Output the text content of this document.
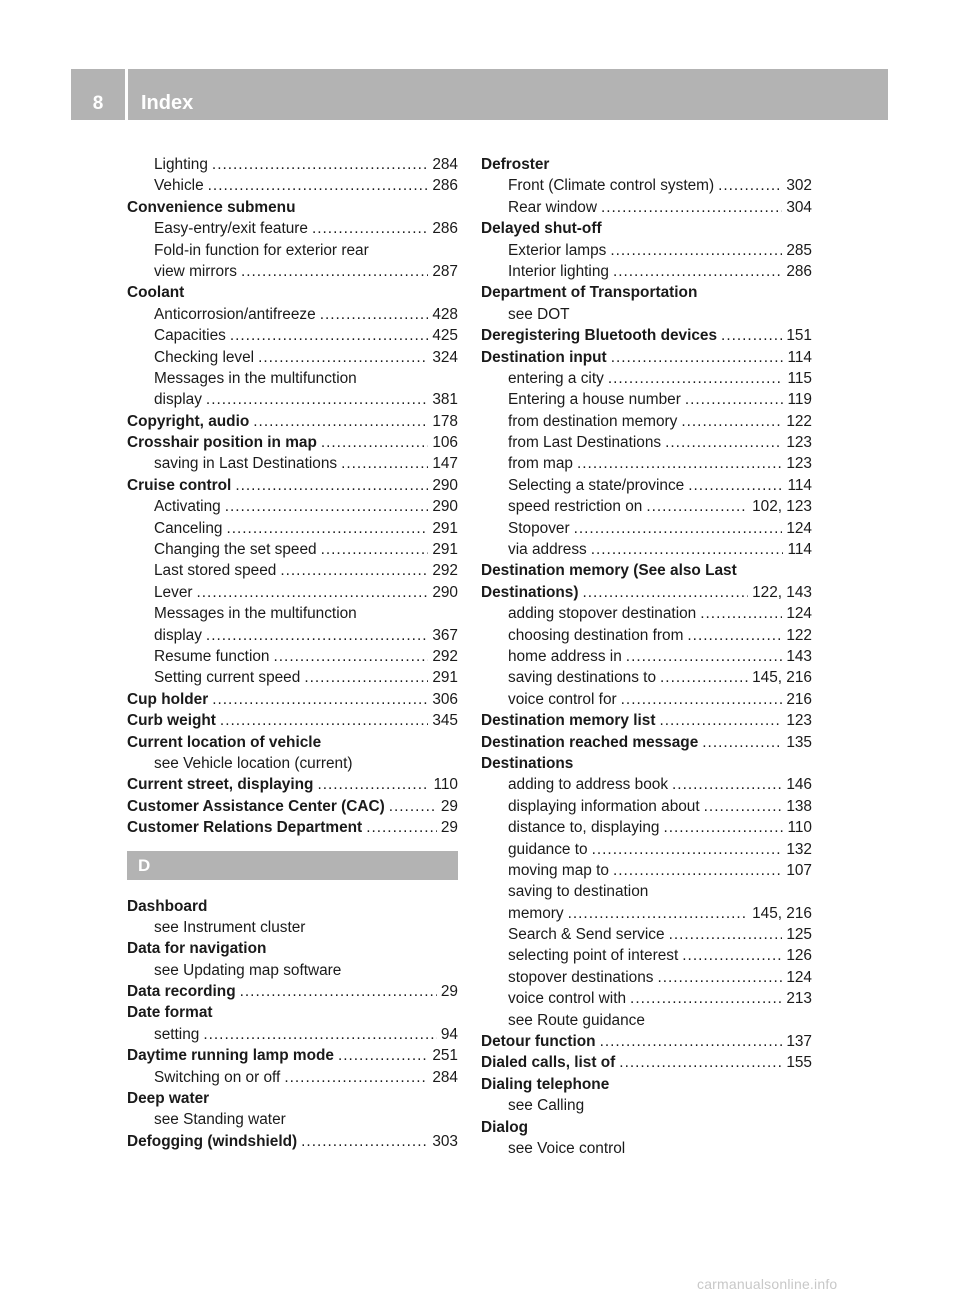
8	Index
Lighting .....	284
Vehicle .....	286
Convenience submenu
Easy-entry/exit feature .....	286
Fold-in function for exterior rear
view mirrors .....	287
Coolant
Anticorrosion/antifreeze .....	428
Capacities .....	425
Checking level .....	324
Messages in the multifunction
display .....	381
Copyright, audio .....	178
Crosshair position in map .....	106
saving in Last Destinations .....	147
Cruise control .....	290
Activating .....	290
Canceling .....	291
Changing the set speed .....	291
Last stored speed .....	292
Lever .....	290
Messages in the multifunction
display .....	367
Resume function .....	292
Setting current speed .....	291
Cup holder .....	306
Curb weight .....	345
Current location of vehicle
see Vehicle location (current)
Current street, displaying .....	110
Customer Assistance Center (CAC) .....	29
Customer Relations Department .....	29
D
Dashboard
see Instrument cluster
Data for navigation
see Updating map software
Data recording .....	29
Date format
setting .....	94
Daytime running lamp mode .....	251
Switching on or off .....	284
Deep water
see Standing water
Defogging (windshield) .....	303
Defroster
Front (Climate control system) .....	302
Rear window .....	304
Delayed shut-off
Exterior lamps .....	285
Interior lighting .....	286
Department of Transportation
see DOT
Deregistering Bluetooth devices .....	151
Destination input .....	114
entering a city .....	115
Entering a house number .....	119
from destination memory .....	122
from Last Destinations .....	123
from map .....	123
Selecting a state/province .....	114
speed restriction on .....	102, 123
Stopover .....	124
via address .....	114
Destination memory (See also Last
Destinations) .....	122, 143
adding stopover destination .....	124
choosing destination from .....	122
home address in .....	143
saving destinations to .....	145, 216
voice control for .....	216
Destination memory list .....	123
Destination reached message .....	135
Destinations
adding to address book .....	146
displaying information about .....	138
distance to, displaying .....	110
guidance to .....	132
moving map to .....	107
saving to destination
memory .....	145, 216
Search & Send service .....	125
selecting point of interest .....	126
stopover destinations .....	124
voice control with .....	213
see Route guidance
Detour function .....	137
Dialed calls, list of .....	155
Dialing telephone
see Calling
Dialog
see Voice control
carmanualsonline.info
